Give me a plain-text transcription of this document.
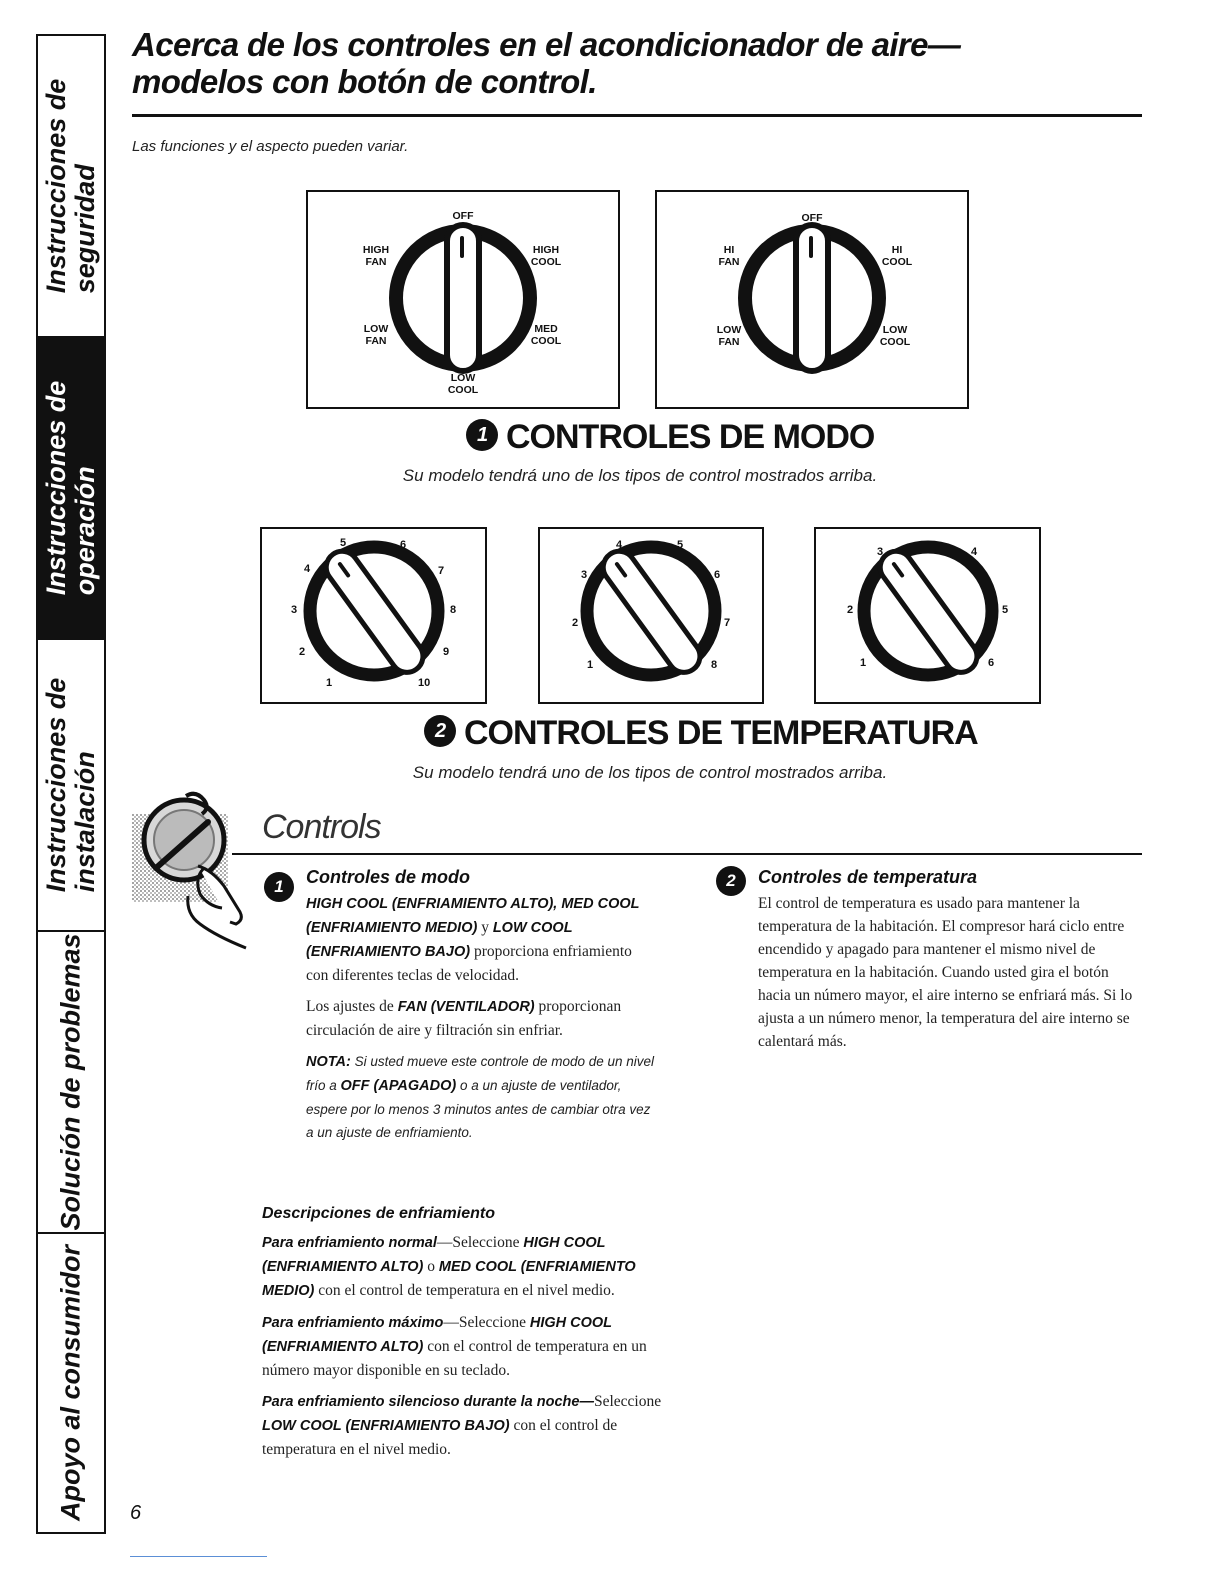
Instrucciones de
seguridad
Instrucciones de
operación
Instrucciones de
instalación
Solución de problemas
Apoyo al consumidor
Acerca de los controles en el acondicionador de aire—
modelos con botón de control.
Las funciones y el aspecto pueden variar.
OFF
HIGH
FAN
HIGH
COOL
LOW
FAN
MED
COOL
LOW
COOL
OFF
HI
FAN
HI
COOL
LOW
FAN
LOW
COOL
1 CONTROLES DE MODO
Su modelo tendrá uno de los tipos de control mostrados arriba.
5	6
4	7
3	8
2	9
1	10
4	5
3	6
2	7
1	8
3	4
2	5
1	6
2 CONTROLES DE TEMPERATURA
Su modelo tendrá uno de los tipos de control mostrados arriba.
Controls
1	Controles de modo

HIGH COOL (ENFRIAMIENTO ALTO), MED COOL (ENFRIAMIENTO MEDIO) y LOW COOL (ENFRIAMIENTO BAJO) proporciona enfriamiento con diferentes teclas de velocidad.

Los ajustes de FAN (VENTILADOR) proporcionan circulación de aire y filtración sin enfriar.

NOTA: Si usted mueve este controle de modo de un nivel frío a OFF (APAGADO) o a un ajuste de ventilador, espere por lo menos 3 minutos antes de cambiar otra vez a un ajuste de enfriamiento.

Descripciones de enfriamiento

Para enfriamiento normal—Seleccione HIGH COOL (ENFRIAMIENTO ALTO) o MED COOL (ENFRIAMIENTO MEDIO) con el control de temperatura en el nivel medio.

Para enfriamiento máximo—Seleccione HIGH COOL (ENFRIAMIENTO ALTO) con el control de temperatura en un número mayor disponible en su teclado.

Para enfriamiento silencioso durante la noche—Seleccione LOW COOL (ENFRIAMIENTO BAJO) con el control de temperatura en el nivel medio.

2	Controles de temperatura

El control de temperatura es usado para mantener la temperatura de la habitación. El compresor hará ciclo entre encendido y apagado para mantener el mismo nivel de temperatura en la habitación. Cuando usted gira el botón hacia un número mayor, el aire interno se enfriará más. Si lo ajusta a un número menor, la temperatura del aire interno se calentará más.

6
